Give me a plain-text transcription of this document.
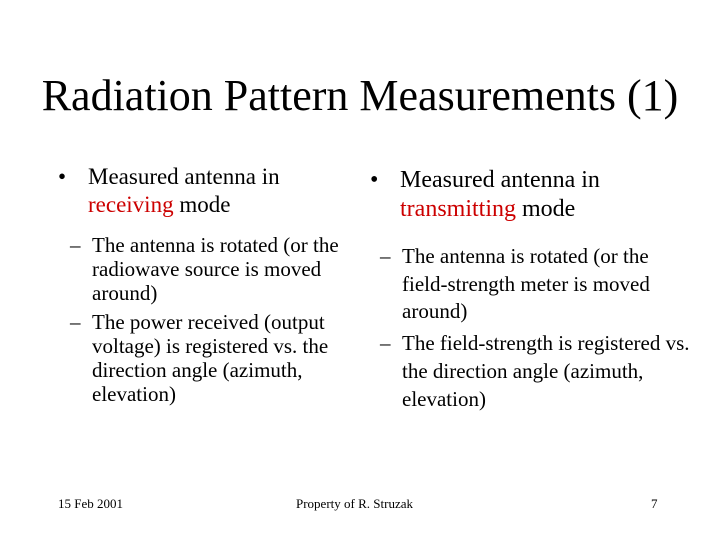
Radiation Pattern Measurements (1)
• Measured antenna in
receiving mode
– The antenna is rotated (or the radiowave source is moved around)
– The power received (output voltage) is registered vs. the direction angle (azimuth, elevation)
• Measured antenna in
transmitting mode
– The antenna is rotated (or the field-strength meter is moved around)
– The field-strength is registered vs. the direction angle (azimuth, elevation)
15 Feb 2001	Property of R. Struzak	7
